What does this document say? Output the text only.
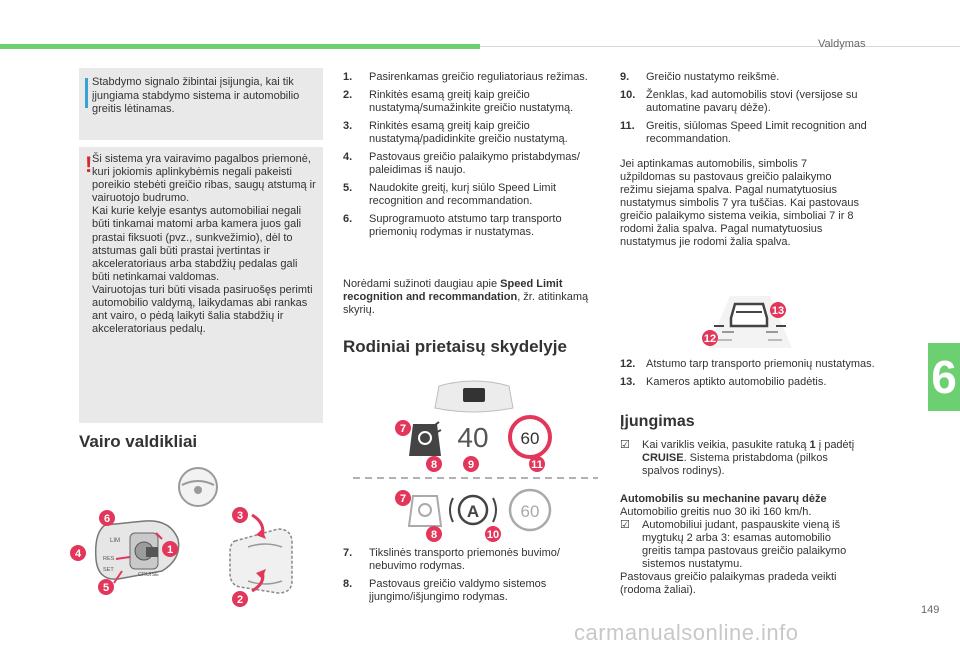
Valdymas
Stabdymo signalo žibintai įsijungia, kai tik įjungiama stabdymo sistema ir automobilio greitis lėtinamas.
! Ši sistema yra vairavimo pagalbos priemonė, kuri jokiomis aplinkybėmis negali pakeisti poreikio stebėti greičio ribas, saugų atstumą ir vairuotojo budrumo.
Kai kurie kelyje esantys automobiliai negali būti tinkamai matomi arba kamera juos gali prastai fiksuoti (pvz., sunkvežimio), dėl to atstumas gali būti prastai įvertintas ir akceleratoriaus arba stabdžių pedalas gali būti netinkamai valdomas.
Vairuotojas turi būti visada pasiruošęs perimti automobilio valdymą, laikydamas abi rankas ant vairo, o pėdą laikyti šalia stabdžių ir akceleratoriaus pedalų.
Vairo valdikliai
LIM
CRUISE
RES
SET
6
1
4
5
3
2
1. Pasirenkamas greičio reguliatoriaus režimas.
2. Rinkitės esamą greitį kaip greičio nustatymą/sumažinkite greičio nustatymą.
3. Rinkitės esamą greitį kaip greičio nustatymą/padidinkite greičio nustatymą.
4. Pastovaus greičio palaikymo pristabdymas/ paleidimas iš naujo.
5. Naudokite greitį, kurį siūlo Speed Limit recognition and recommandation.
6. Suprogramuoto atstumo tarp transporto priemonių rodymas ir nustatymas.
Norėdami sužinoti daugiau apie Speed Limit recognition and recommandation, žr. atitinkamą skyrių.
Rodiniai prietaisų skydelyje
40 60
A 60
7
8	9	11
7
8	10
7. Tikslinės transporto priemonės buvimo/ nebuvimo rodymas.
8. Pastovaus greičio valdymo sistemos įjungimo/išjungimo rodymas.
9. Greičio nustatymo reikšmė.
10. Ženklas, kad automobilis stovi (versijose su automatine pavarų dėže).
11. Greitis, siūlomas Speed Limit recognition and recommandation.
Jei aptinkamas automobilis, simbolis 7 užpildomas su pastovaus greičio palaikymo režimu siejama spalva. Pagal numatytuosius nustatymus simbolis 7 yra tuščias. Kai pastovaus greičio palaikymo sistema veikia, simboliai 7 ir 8 rodomi žalia spalva. Pagal numatytuosius nustatymus jie rodomi žalia spalva.
13
12
12. Atstumo tarp transporto priemonių nustatymas.
13. Kameros aptikto automobilio padėtis.
Įjungimas
☑ Kai variklis veikia, pasukite ratuką 1 į padėtį CRUISE. Sistema pristabdoma (pilkos spalvos rodinys).
Automobilis su mechanine pavarų dėže
Automobilio greitis nuo 30 iki 160 km/h.
☑ Automobiliui judant, paspauskite vieną iš mygtukų 2 arba 3: esamas automobilio greitis tampa pastovaus greičio palaikymo sistemos nustatymu.
Pastovaus greičio palaikymas pradeda veikti (rodoma žaliai).
6
149
carmanualsonline.info
